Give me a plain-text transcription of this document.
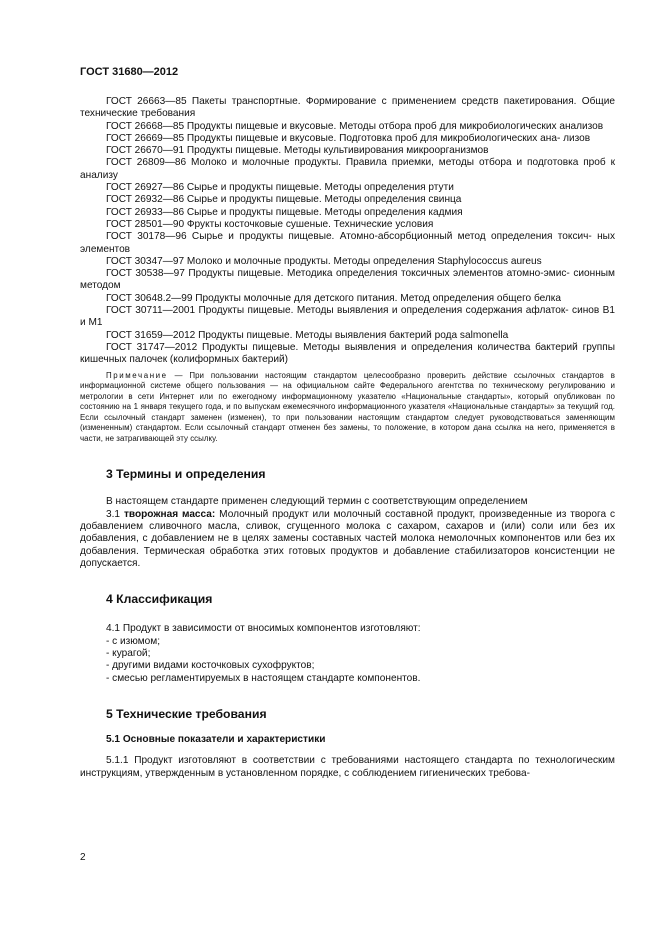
ГОСТ 31680—2012

ГОСТ 26663—85 Пакеты транспортные. Формирование с применением средств пакетирования. Общие технические требования

ГОСТ 26668—85 Продукты пищевые и вкусовые. Методы отбора проб для микробиологических анализов

ГОСТ 26669—85 Продукты пищевые и вкусовые. Подготовка проб для микробиологических ана- лизов

ГОСТ 26670—91 Продукты пищевые. Методы культивирования микроорганизмов

ГОСТ 26809—86 Молоко и молочные продукты. Правила приемки, методы отбора и подготовка проб к анализу

ГОСТ 26927—86 Сырье и продукты пищевые. Методы определения ртути

ГОСТ 26932—86 Сырье и продукты пищевые. Методы определения свинца

ГОСТ 26933—86 Сырье и продукты пищевые. Методы определения кадмия

ГОСТ 28501—90 Фрукты косточковые сушеные. Технические условия

ГОСТ 30178—96 Сырье и продукты пищевые. Атомно-абсорбционный метод определения токсич- ных элементов

ГОСТ 30347—97 Молоко и молочные продукты. Методы определения Staphylococcus aureus

ГОСТ 30538—97 Продукты пищевые. Методика определения токсичных элементов атомно-эмис- сионным методом

ГОСТ 30648.2—99 Продукты молочные для детского питания. Метод определения общего белка

ГОСТ 30711—2001 Продукты пищевые. Методы выявления и определения содержания афлаток- синов В1 и М1

ГОСТ 31659—2012 Продукты пищевые. Методы выявления бактерий рода salmonella

ГОСТ 31747—2012 Продукты пищевые. Методы выявления и определения количества бактерий группы кишечных палочек (колиформных бактерий)

Примечание — При пользовании настоящим стандартом целесообразно проверить действие ссылочных стандартов в информационной системе общего пользования — на официальном сайте Федерального агентства по техническому регулированию и метрологии в сети Интернет или по ежегодному информационному указателю «Национальные стандарты», который опубликован по состоянию на 1 января текущего года, и по выпускам ежемесячного информационного указателя «Национальные стандарты» за текущий год. Если ссылочный стандарт заменен (изменен), то при пользовании настоящим стандартом следует руководствоваться заменяющим (измененным) стандартом. Если ссылочный стандарт отменен без замены, то положение, в котором дана ссылка на него, применяется в части, не затрагивающей эту ссылку.

3 Термины и определения

В настоящем стандарте применен следующий термин с соответствующим определением

3.1 творожная масса: Молочный продукт или молочный составной продукт, произведенные из творога с добавлением сливочного масла, сливок, сгущенного молока с сахаром, сахаров и (или) соли или без их добавления, с добавлением не в целях замены составных частей молока немолочных компонентов или без их добавления. Термическая обработка этих готовых продуктов и добавление стабилизаторов консистенции не допускается.

4 Классификация

4.1 Продукт в зависимости от вносимых компонентов изготовляют:

- с изюмом;

- курагой;

- другими видами косточковых сухофруктов;

- смесью регламентируемых в настоящем стандарте компонентов.

5 Технические требования
5.1 Основные показатели и характеристики

5.1.1 Продукт изготовляют в соответствии с требованиями настоящего стандарта по технологическим инструкциям, утвержденным в установленном порядке, с соблюдением гигиенических требова-

2
